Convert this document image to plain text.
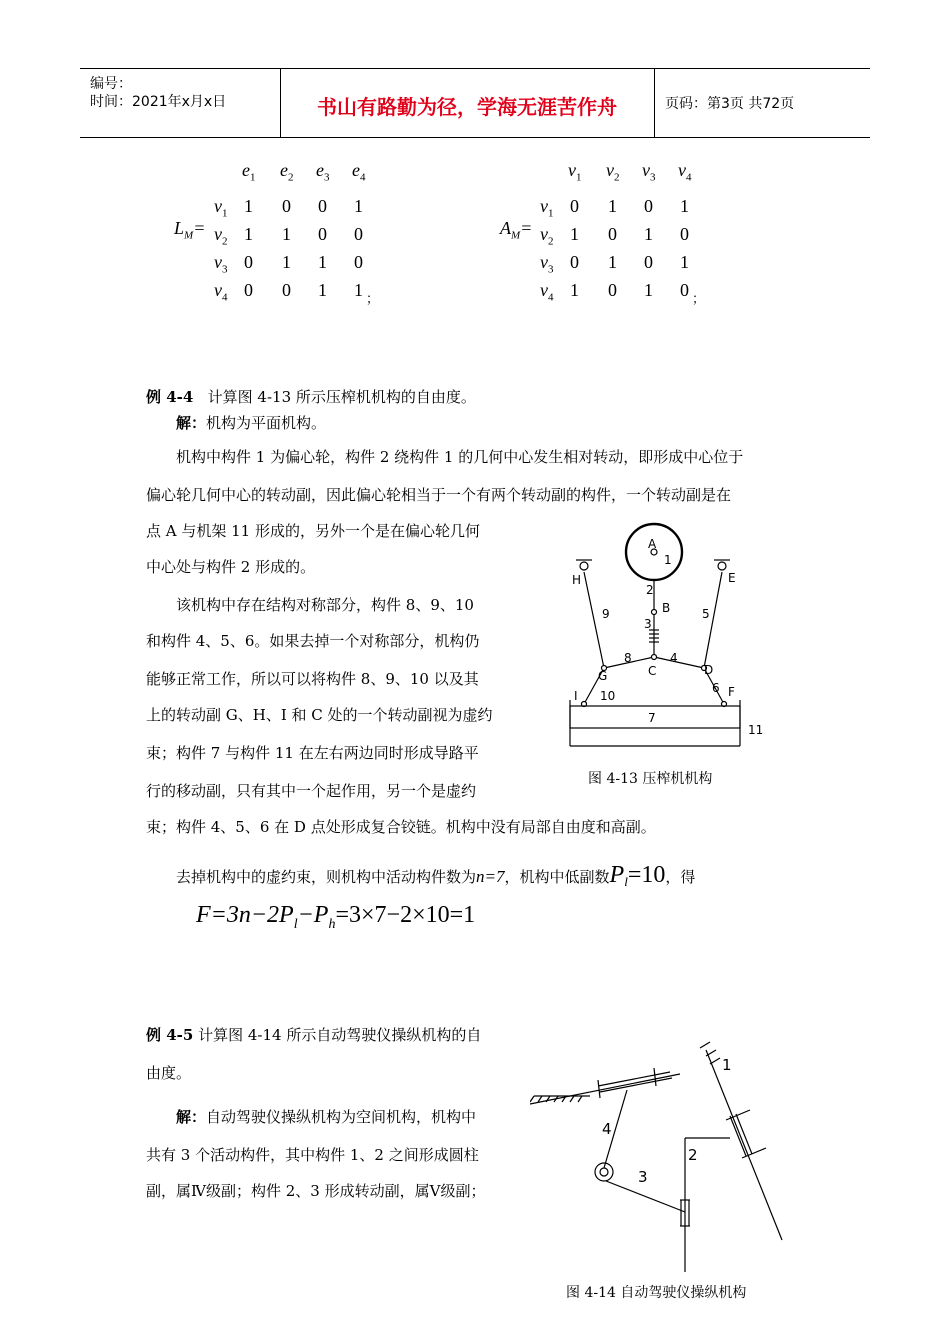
编号：
时间：2021年x月x日	书山有路勤为径，学海无涯苦作舟	页码：第3页 共72页
$e_1$ $e_2$ $e_3$ $e_4$
$L_M=$
$v_1$ 1 0 0 1
$v_2$ 1 1 0 0
$v_3$ 0 1 1 0
$v_4$ 0 0 1 1 ；
$v_1$ $v_2$ $v_3$ $v_4$
$A_M=$
$v_1$ 0 1 0 1
$v_2$ 1 0 1 0
$v_3$ 0 1 0 1
$v_4$ 1 0 1 0 ；
例 4-4 计算图 4-13 所示压榨机机构的自由度。
解：机构为平面机构。
机构中构件 1 为偏心轮，构件 2 绕构件 1 的几何中心发生相对转动，即形成中心位于
偏心轮几何中心的转动副，因此偏心轮相当于一个有两个转动副的构件，一个转动副是在
点 A 与机架 11 形成的，另外一个是在偏心轮几何
中心处与构件 2 形成的。
该机构中存在结构对称部分，构件 8、9、10
和构件 4、5、6。如果去掉一个对称部分，机构仍
能够正常工作，所以可以将构件 8、9、10 以及其
上的转动副 G、H、I 和 C 处的一个转动副视为虚约
束；构件 7 与构件 11 在左右两边同时形成导路平
行的移动副，只有其中一个起作用，另一个是虚约
束；构件 4、5、6 在 D 点处形成复合铰链。机构中没有局部自由度和高副。
A
1
H	E
2
B
9	5
3
8	4
G	C	D
I 10
6 F
7
11
图 4-13 压榨机机构
去掉机构中的虚约束，则机构中活动构件数为n=7，机构中低副数$P_l=10$，得
$F=3n-2P_l-P_h=3\times 7-2\times 10=1$
例 4-5 计算图 4-14 所示自动驾驶仪操纵机构的自
由度。
解：自动驾驶仪操纵机构为空间机构，机构中
共有 3 个活动构件，其中构件 1、2 之间形成圆柱
副，属Ⅳ级副；构件 2、3 形成转动副，属Ⅴ级副；
1
4
2
3
图 4-14 自动驾驶仪操纵机构
